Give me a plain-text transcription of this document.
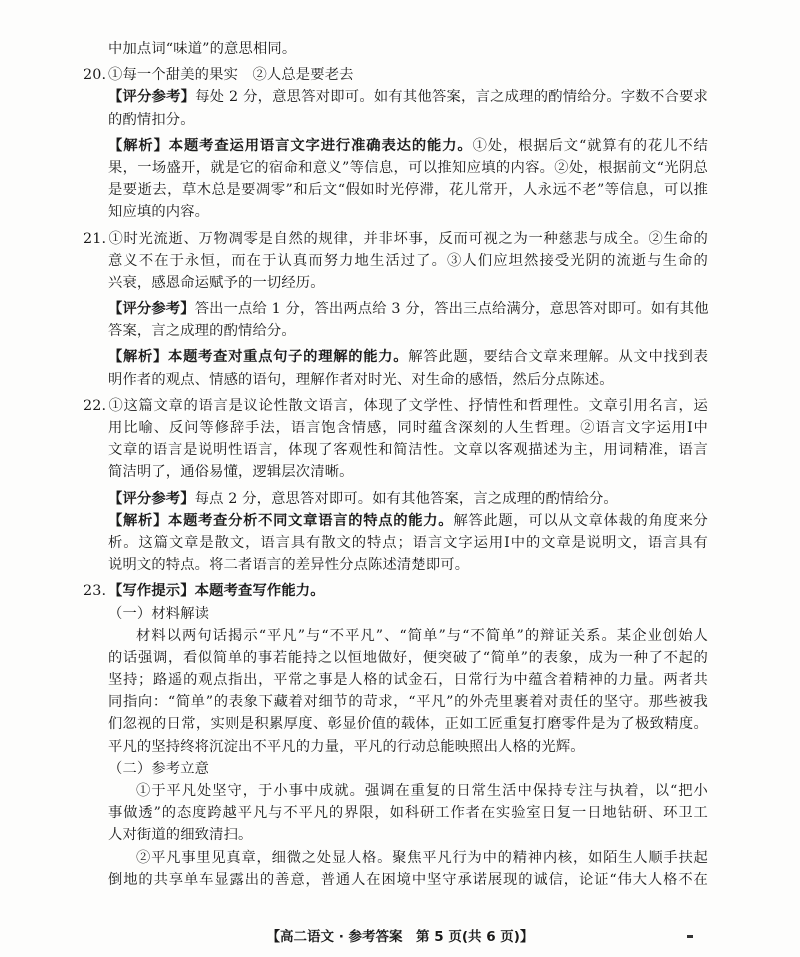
中加点词“味道”的意思相同。
20. ①每一个甜美的果实　②人总是要老去
【评分参考】每处 2 分，意思答对即可。如有其他答案，言之成理的酌情给分。字数不合要求
的酌情扣分。
【解析】本题考查运用语言文字进行准确表达的能力。①处，根据后文“就算有的花儿不结
果，一场盛开，就是它的宿命和意义”等信息，可以推知应填的内容。②处，根据前文“光阴总
是要逝去，草木总是要凋零”和后文“假如时光停滞，花儿常开，人永远不老”等信息，可以推
知应填的内容。
21. ①时光流逝、万物凋零是自然的规律，并非坏事，反而可视之为一种慈悲与成全。②生命的
意义不在于永恒，而在于认真而努力地生活过了。③人们应坦然接受光阴的流逝与生命的
兴衰，感恩命运赋予的一切经历。
【评分参考】答出一点给 1 分，答出两点给 3 分，答出三点给满分，意思答对即可。如有其他
答案，言之成理的酌情给分。
【解析】本题考查对重点句子的理解的能力。解答此题，要结合文章来理解。从文中找到表
明作者的观点、情感的语句，理解作者对时光、对生命的感悟，然后分点陈述。
22. ①这篇文章的语言是议论性散文语言，体现了文学性、抒情性和哲理性。文章引用名言，运
用比喻、反问等修辞手法，语言饱含情感，同时蕴含深刻的人生哲理。②语言文字运用Ⅰ中
文章的语言是说明性语言，体现了客观性和简洁性。文章以客观描述为主，用词精准，语言
简洁明了，通俗易懂，逻辑层次清晰。
【评分参考】每点 2 分，意思答对即可。如有其他答案，言之成理的酌情给分。
【解析】本题考查分析不同文章语言的特点的能力。解答此题，可以从文章体裁的角度来分
析。这篇文章是散文，语言具有散文的特点；语言文字运用Ⅰ中的文章是说明文，语言具有
说明文的特点。将二者语言的差异性分点陈述清楚即可。
23. 【写作提示】本题考查写作能力。
（一）材料解读
材料以两句话揭示“平凡”与“不平凡”、“简单”与“不简单”的辩证关系。某企业创始人
的话强调，看似简单的事若能持之以恒地做好，便突破了“简单”的表象，成为一种了不起的
坚持；路遥的观点指出，平常之事是人格的试金石，日常行为中蕴含着精神的力量。两者共
同指向：“简单”的表象下藏着对细节的苛求，“平凡”的外壳里裹着对责任的坚守。那些被我
们忽视的日常，实则是积累厚度、彰显价值的载体，正如工匠重复打磨零件是为了极致精度。
平凡的坚持终将沉淀出不平凡的力量，平凡的行动总能映照出人格的光辉。
（二）参考立意
①于平凡处坚守，于小事中成就。强调在重复的日常生活中保持专注与执着，以“把小
事做透”的态度跨越平凡与不平凡的界限，如科研工作者在实验室日复一日地钻研、环卫工
人对街道的细致清扫。
②平凡事里见真章，细微之处显人格。聚焦平凡行为中的精神内核，如陌生人顺手扶起
倒地的共享单车显露出的善意，普通人在困境中坚守承诺展现的诚信，论证“伟大人格不在
【高二语文 · 参考答案　第 5 页(共 6 页)】
